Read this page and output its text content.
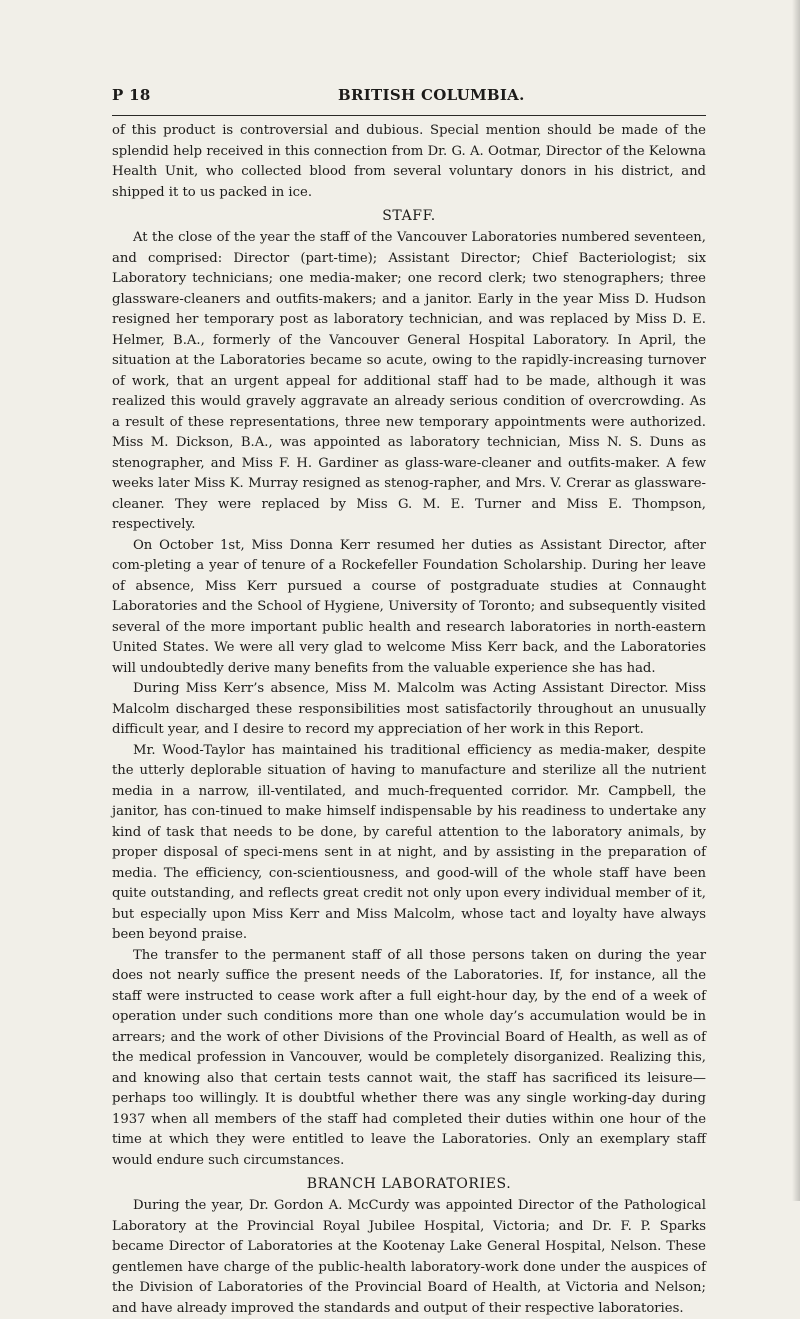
P 18	BRITISH COLUMBIA.

of this product is controversial and dubious. Special mention should be made of the splendid help received in this connection from Dr. G. A. Ootmar, Director of the Kelowna Health Unit, who collected blood from several voluntary donors in his district, and shipped it to us packed in ice.

STAFF.

At the close of the year the staff of the Vancouver Laboratories numbered seventeen, and comprised: Director (part-time); Assistant Director; Chief Bacteriologist; six Laboratory technicians; one media-maker; one record clerk; two stenographers; three glassware-cleaners and outfits-makers; and a janitor. Early in the year Miss D. Hudson resigned her temporary post as laboratory technician, and was replaced by Miss D. E. Helmer, B.A., formerly of the Vancouver General Hospital Laboratory. In April, the situation at the Laboratories became so acute, owing to the rapidly-increasing turnover of work, that an urgent appeal for additional staff had to be made, although it was realized this would gravely aggravate an already serious condition of overcrowding. As a result of these representations, three new temporary appointments were authorized. Miss M. Dickson, B.A., was appointed as laboratory technician, Miss N. S. Duns as stenographer, and Miss F. H. Gardiner as glass-ware-cleaner and outfits-maker. A few weeks later Miss K. Murray resigned as stenog-rapher, and Mrs. V. Crerar as glassware-cleaner. They were replaced by Miss G. M. E. Turner and Miss E. Thompson, respectively.

On October 1st, Miss Donna Kerr resumed her duties as Assistant Director, after com-pleting a year of tenure of a Rockefeller Foundation Scholarship. During her leave of absence, Miss Kerr pursued a course of postgraduate studies at Connaught Laboratories and the School of Hygiene, University of Toronto; and subsequently visited several of the more important public health and research laboratories in north-eastern United States. We were all very glad to welcome Miss Kerr back, and the Laboratories will undoubtedly derive many benefits from the valuable experience she has had.

During Miss Kerr’s absence, Miss M. Malcolm was Acting Assistant Director. Miss Malcolm discharged these responsibilities most satisfactorily throughout an unusually difficult year, and I desire to record my appreciation of her work in this Report.

Mr. Wood-Taylor has maintained his traditional efficiency as media-maker, despite the utterly deplorable situation of having to manufacture and sterilize all the nutrient media in a narrow, ill-ventilated, and much-frequented corridor. Mr. Campbell, the janitor, has con-tinued to make himself indispensable by his readiness to undertake any kind of task that needs to be done, by careful attention to the laboratory animals, by proper disposal of speci-mens sent in at night, and by assisting in the preparation of media. The efficiency, con-scientiousness, and good-will of the whole staff have been quite outstanding, and reflects great credit not only upon every individual member of it, but especially upon Miss Kerr and Miss Malcolm, whose tact and loyalty have always been beyond praise.

The transfer to the permanent staff of all those persons taken on during the year does not nearly suffice the present needs of the Laboratories. If, for instance, all the staff were instructed to cease work after a full eight-hour day, by the end of a week of operation under such conditions more than one whole day’s accumulation would be in arrears; and the work of other Divisions of the Provincial Board of Health, as well as of the medical profession in Vancouver, would be completely disorganized. Realizing this, and knowing also that certain tests cannot wait, the staff has sacrificed its leisure—perhaps too willingly. It is doubtful whether there was any single working-day during 1937 when all members of the staff had completed their duties within one hour of the time at which they were entitled to leave the Laboratories. Only an exemplary staff would endure such circumstances.

BRANCH LABORATORIES.

During the year, Dr. Gordon A. McCurdy was appointed Director of the Pathological Laboratory at the Provincial Royal Jubilee Hospital, Victoria; and Dr. F. P. Sparks became Director of Laboratories at the Kootenay Lake General Hospital, Nelson. These gentlemen have charge of the public-health laboratory-work done under the auspices of the Division of Laboratories of the Provincial Board of Health, at Victoria and Nelson; and have already improved the standards and output of their respective laboratories.
